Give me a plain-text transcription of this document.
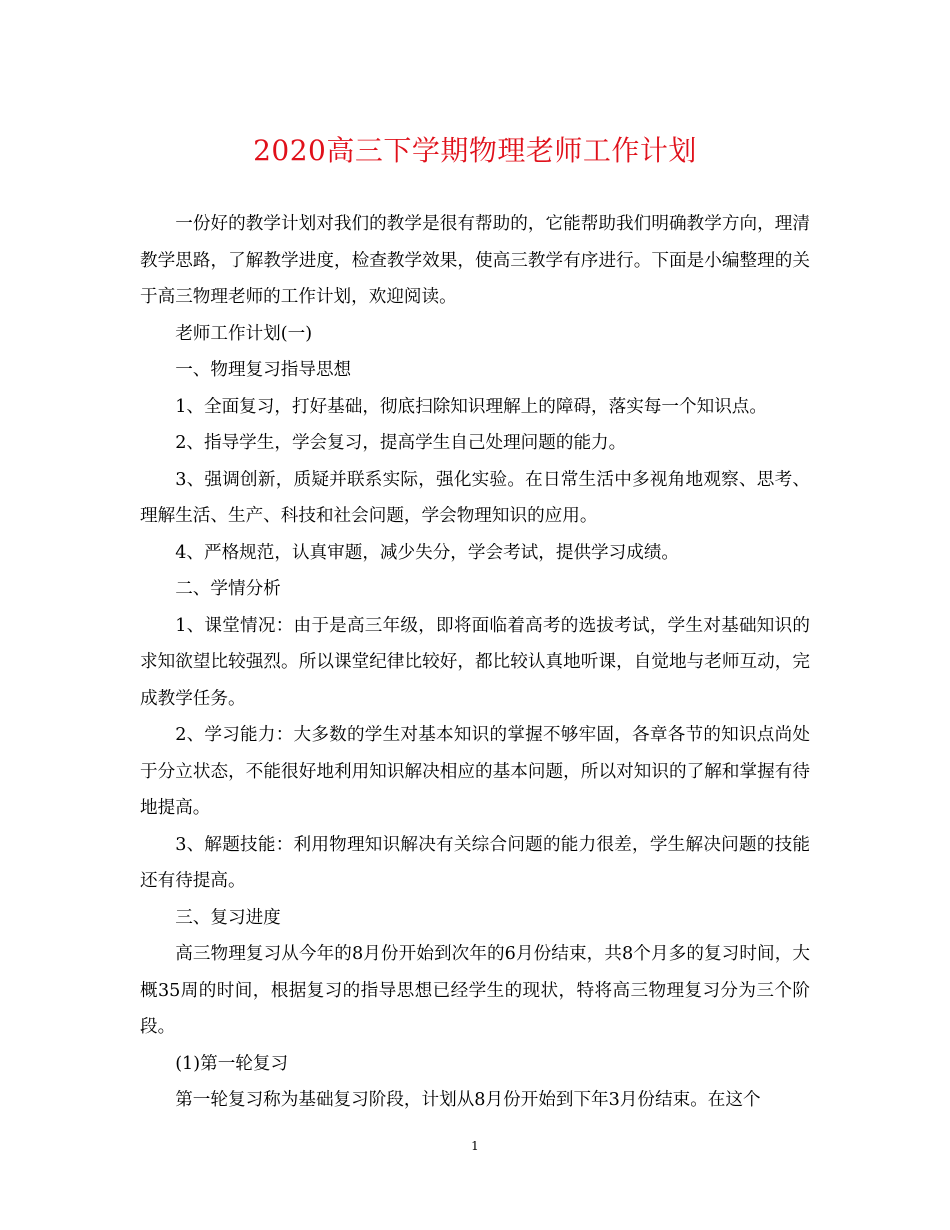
2020高三下学期物理老师工作计划

一份好的教学计划对我们的教学是很有帮助的，它能帮助我们明确教学方向，理清教学思路，了解教学进度，检查教学效果，使高三教学有序进行。下面是小编整理的关于高三物理老师的工作计划，欢迎阅读。

老师工作计划(一)

一、物理复习指导思想

1、全面复习，打好基础，彻底扫除知识理解上的障碍，落实每一个知识点。

2、指导学生，学会复习，提高学生自己处理问题的能力。

3、强调创新，质疑并联系实际，强化实验。在日常生活中多视角地观察、思考、理解生活、生产、科技和社会问题，学会物理知识的应用。

4、严格规范，认真审题，减少失分，学会考试，提供学习成绩。

二、学情分析

1、课堂情况：由于是高三年级，即将面临着高考的选拔考试，学生对基础知识的求知欲望比较强烈。所以课堂纪律比较好，都比较认真地听课，自觉地与老师互动，完成教学任务。

2、学习能力：大多数的学生对基本知识的掌握不够牢固，各章各节的知识点尚处于分立状态，不能很好地利用知识解决相应的基本问题，所以对知识的了解和掌握有待地提高。

3、解题技能：利用物理知识解决有关综合问题的能力很差，学生解决问题的技能还有待提高。

三、复习进度

高三物理复习从今年的8月份开始到次年的6月份结束，共8个月多的复习时间，大概35周的时间，根据复习的指导思想已经学生的现状，特将高三物理复习分为三个阶段。

(1)第一轮复习

第一轮复习称为基础复习阶段，计划从8月份开始到下年3月份结束。在这个

1
